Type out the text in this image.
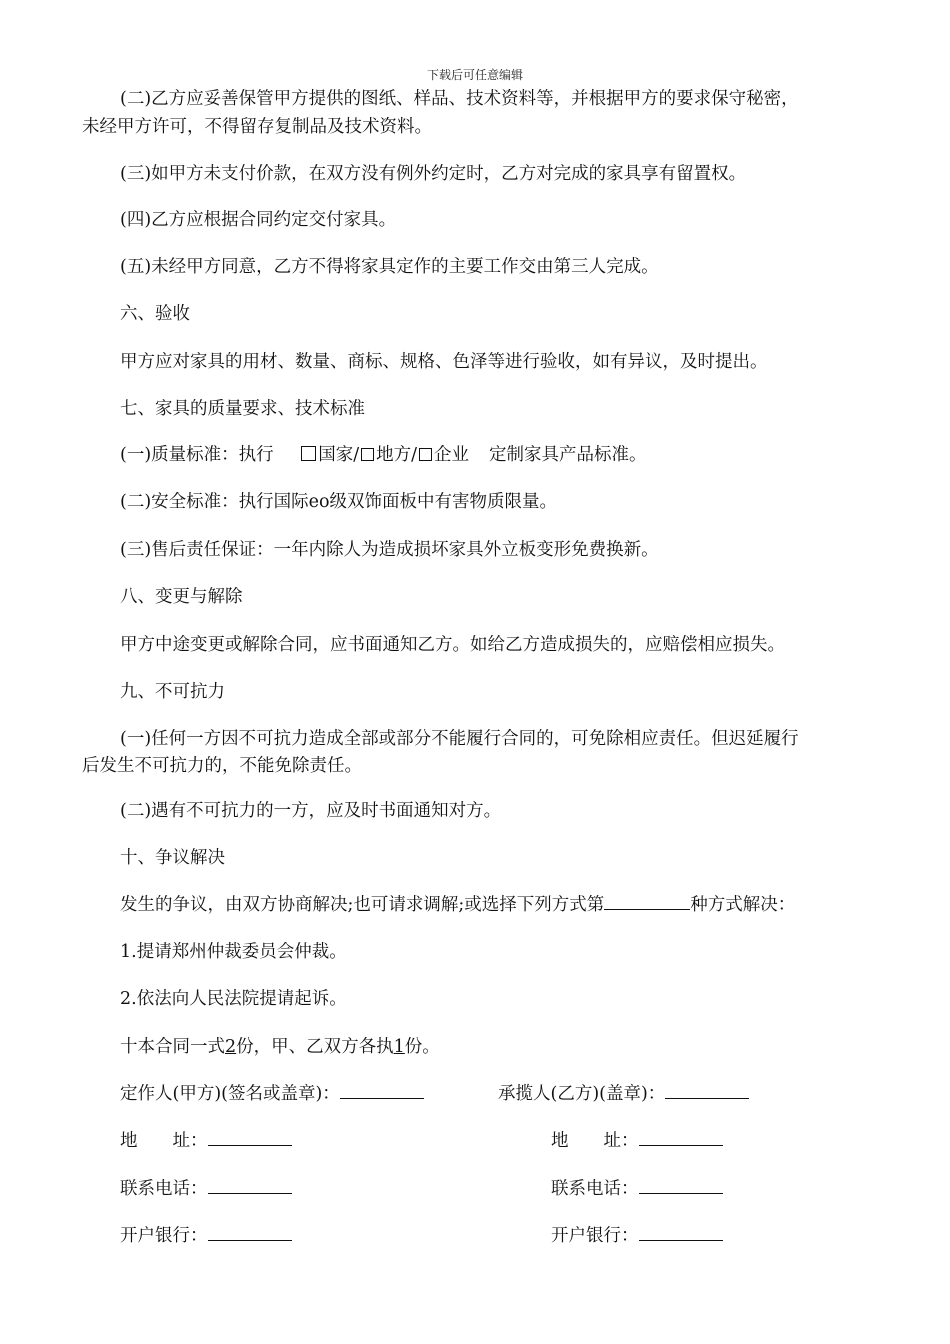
下载后可任意编辑
(二)乙方应妥善保管甲方提供的图纸、样品、技术资料等，并根据甲方的要求保守秘密，
未经甲方许可，不得留存复制品及技术资料。
(三)如甲方未支付价款，在双方没有例外约定时，乙方对完成的家具享有留置权。
(四)乙方应根据合同约定交付家具。
(五)未经甲方同意，乙方不得将家具定作的主要工作交由第三人完成。
六、验收
甲方应对家具的用材、数量、商标、规格、色泽等进行验收，如有异议，及时提出。
七、家具的质量要求、技术标准
(一)质量标准：执行	国家/ 地方/ 企业 定制家具产品标准。
(二)安全标准：执行国际eo级双饰面板中有害物质限量。
(三)售后责任保证：一年内除人为造成损坏家具外立板变形免费换新。
八、变更与解除
甲方中途变更或解除合同，应书面通知乙方。如给乙方造成损失的，应赔偿相应损失。
九、不可抗力
(一)任何一方因不可抗力造成全部或部分不能履行合同的，可免除相应责任。但迟延履行
后发生不可抗力的，不能免除责任。
(二)遇有不可抗力的一方，应及时书面通知对方。
十、争议解决
发生的争议，由双方协商解决;也可请求调解;或选择下列方式第	种方式解决：
1.提请郑州仲裁委员会仲裁。
2.依法向人民法院提请起诉。
十本合同一式2份，甲、乙双方各执1份。
定作人(甲方)(签名或盖章)：	承揽人(乙方)(盖章)：
地　　址：	地　　址：
联系电话：	联系电话：
开户银行：	开户银行：
